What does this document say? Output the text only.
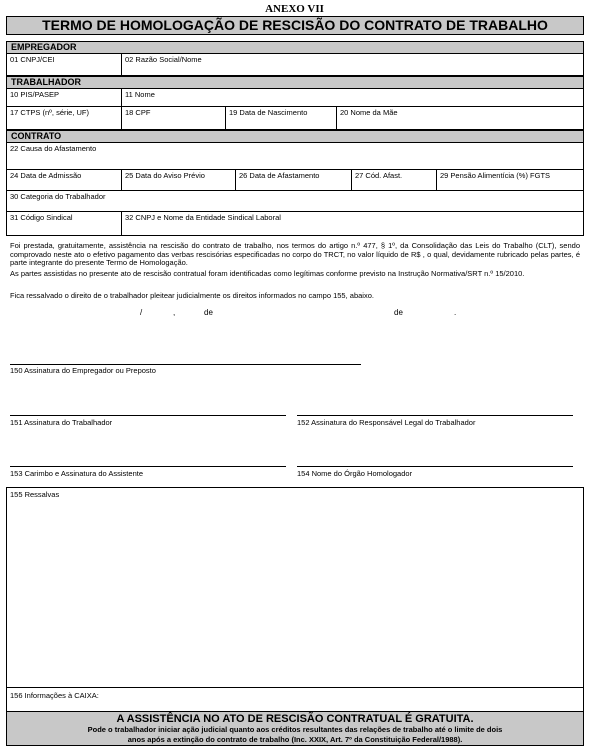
ANEXO VII
TERMO DE HOMOLOGAÇÃO DE RESCISÃO DO CONTRATO DE TRABALHO
EMPREGADOR
01 CNPJ/CEI	02 Razão Social/Nome
TRABALHADOR
10 PIS/PASEP	11 Nome
17 CTPS (nº, série, UF)	18 CPF	19 Data de Nascimento	20 Nome da Mãe
CONTRATO
22 Causa do Afastamento
24 Data de Admissão	25 Data do Aviso Prévio	26 Data de Afastamento	27 Cód. Afast.	29 Pensão Alimentícia (%) FGTS
30 Categoria do Trabalhador
31 Código Sindical	32 CNPJ e Nome da Entidade Sindical Laboral
Foi prestada, gratuitamente, assistência na rescisão do contrato de trabalho, nos termos do artigo n.º 477, § 1º, da Consolidação das Leis do Trabalho (CLT), sendo comprovado neste ato o efetivo pagamento das verbas rescisórias especificadas no corpo do TRCT, no valor líquido de R$ , o qual, devidamente rubricado pelas partes, é parte integrante do presente Termo de Homologação.
As partes assistidas no presente ato de rescisão contratual foram identificadas como legítimas conforme previsto na Instrução Normativa/SRT n.º 15/2010.
Fica ressalvado o direito de o trabalhador pleitear judicialmente os direitos informados no campo 155, abaixo.
/	,	de	de	.
150 Assinatura do Empregador ou Preposto
151 Assinatura do Trabalhador	152 Assinatura do Responsável Legal do Trabalhador
153 Carimbo e Assinatura do Assistente	154 Nome do Órgão Homologador
155 Ressalvas
156 Informações à CAIXA:
A ASSISTÊNCIA NO ATO DE RESCISÃO CONTRATUAL É GRATUITA.
Pode o trabalhador iniciar ação judicial quanto aos créditos resultantes das relações de trabalho até o limite de dois
anos após a extinção do contrato de trabalho (Inc. XXIX, Art. 7º da Constituição Federal/1988).
